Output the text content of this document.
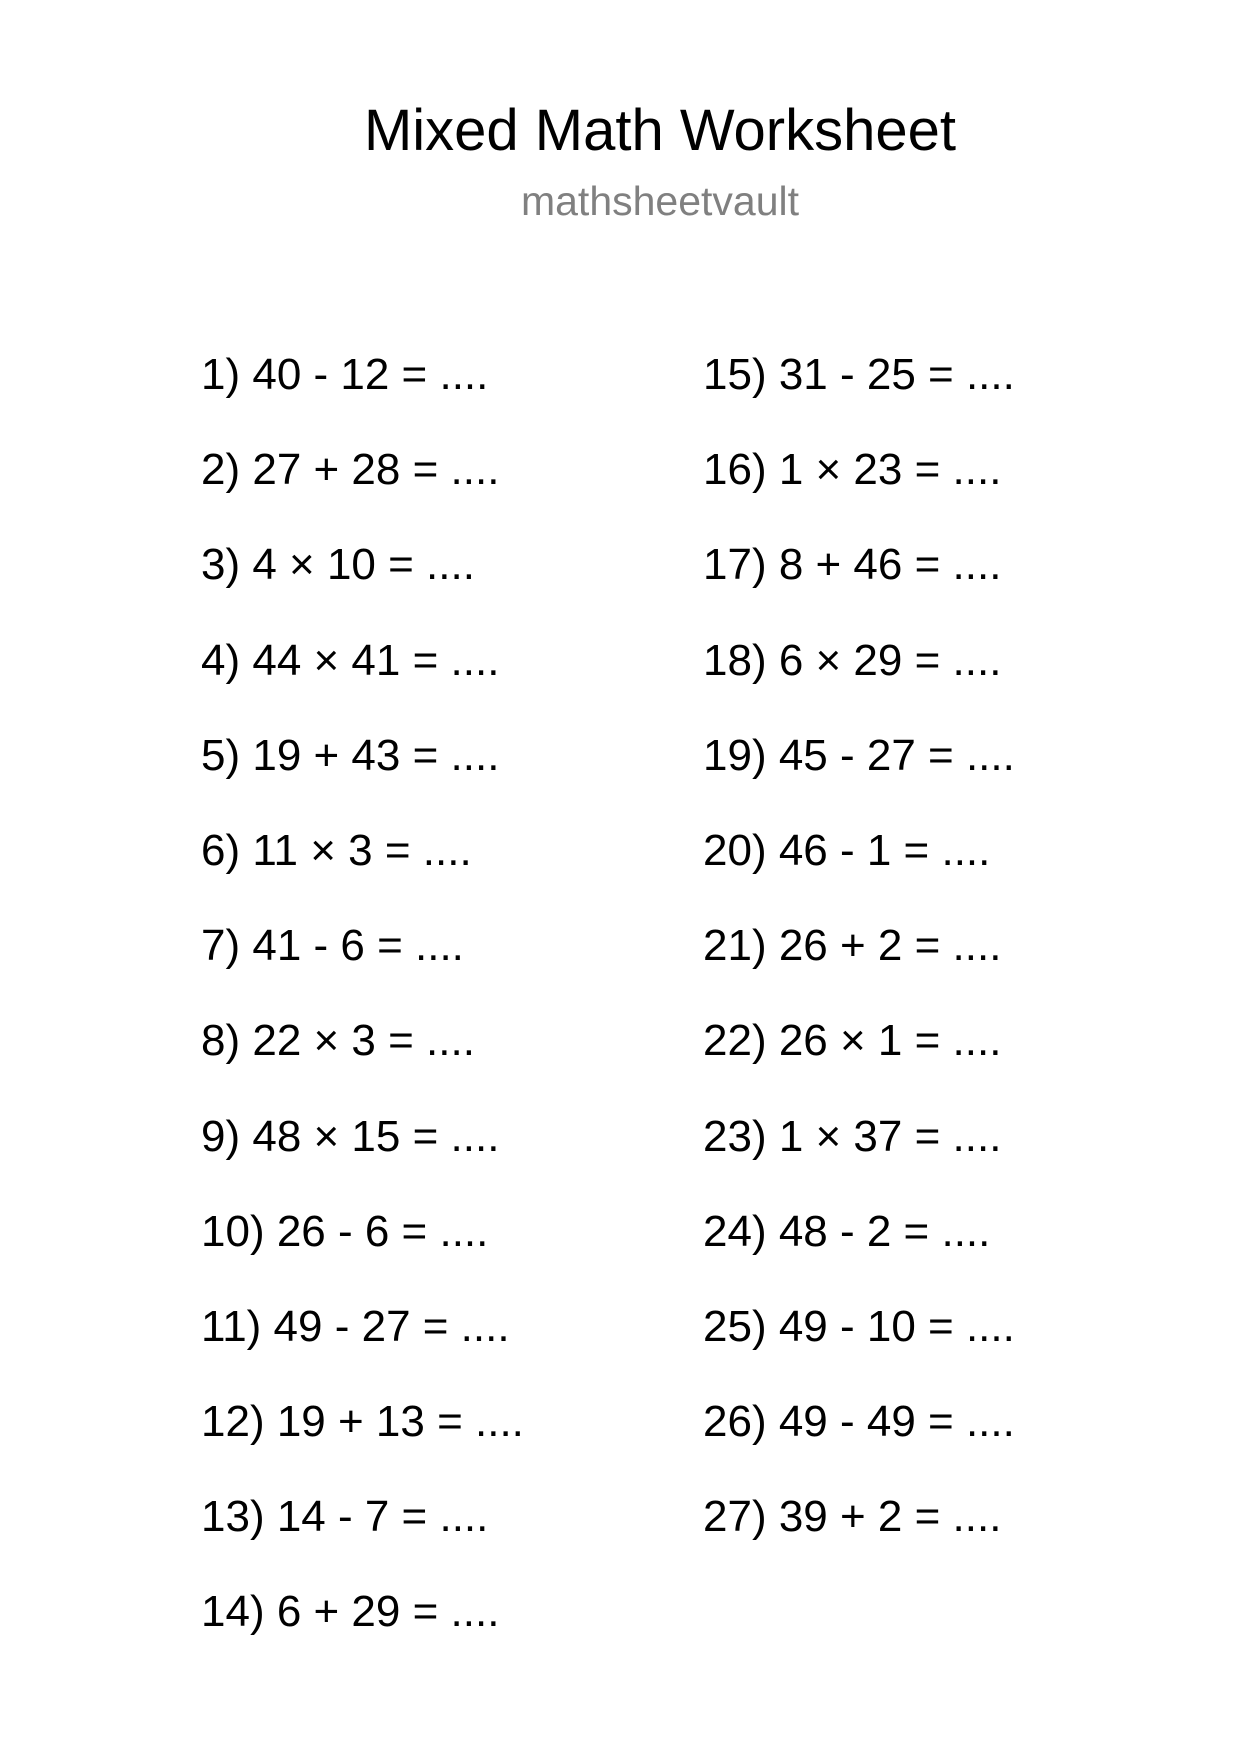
Mixed Math Worksheet
mathsheetvault
1) 40 - 12 = ....
2) 27 + 28 = ....
3) 4 × 10 = ....
4) 44 × 41 = ....
5) 19 + 43 = ....
6) 11 × 3 = ....
7) 41 - 6 = ....
8) 22 × 3 = ....
9) 48 × 15 = ....
10) 26 - 6 = ....
11) 49 - 27 = ....
12) 19 + 13 = ....
13) 14 - 7 = ....
14) 6 + 29 = ....
15) 31 - 25 = ....
16) 1 × 23 = ....
17) 8 + 46 = ....
18) 6 × 29 = ....
19) 45 - 27 = ....
20) 46 - 1 = ....
21) 26 + 2 = ....
22) 26 × 1 = ....
23) 1 × 37 = ....
24) 48 - 2 = ....
25) 49 - 10 = ....
26) 49 - 49 = ....
27) 39 + 2 = ....
